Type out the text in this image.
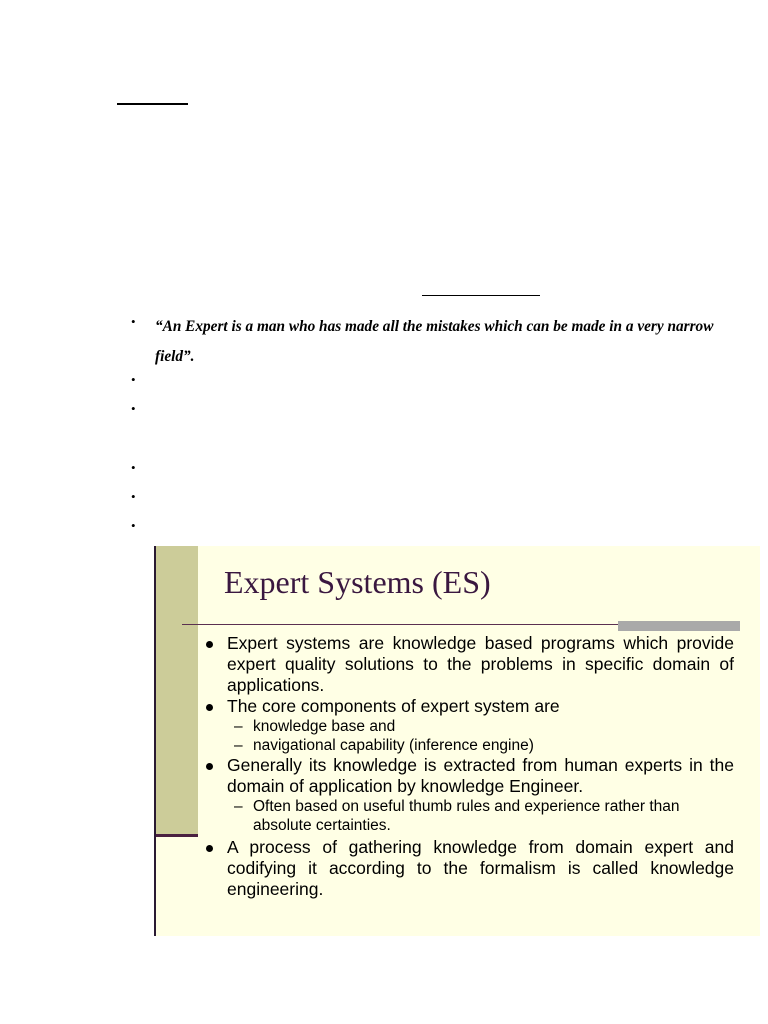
• “An Expert is a man who has made all the mistakes which can be made in a very narrow field”.
•
•
•
•
•
Expert Systems (ES)
Expert systems are knowledge based programs which provide expert quality solutions to the problems in specific domain of applications.
The core components of expert system are
– knowledge base and
– navigational capability (inference engine)
Generally its knowledge is extracted from human experts in the domain of application by knowledge Engineer.
– Often based on useful thumb rules and experience rather than absolute certainties.
A process of gathering knowledge from domain expert and codifying it according to the formalism is called knowledge engineering.
